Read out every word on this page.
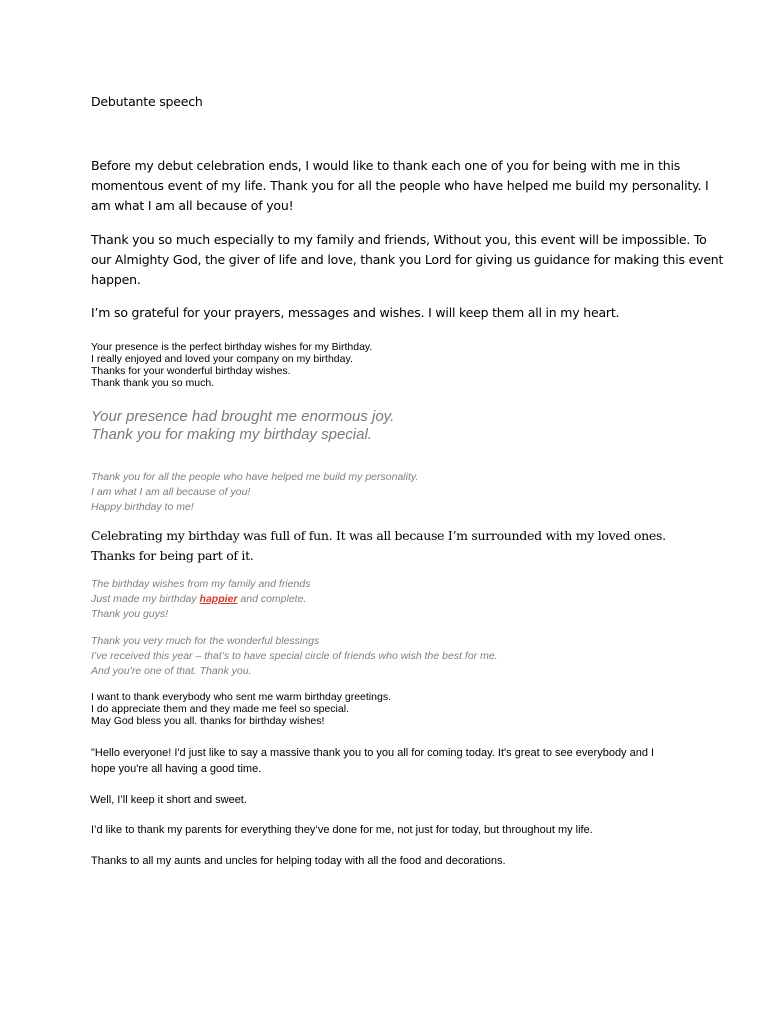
Debutante speech

Before my debut celebration ends, I would like to thank each one of you for being with me in this
momentous event of my life. Thank you for all the people who have helped me build my personality. I
am what I am all because of you!

Thank you so much especially to my family and friends, Without you, this event will be impossible. To
our Almighty God, the giver of life and love, thank you Lord for giving us guidance for making this event
happen.

I’m so grateful for your prayers, messages and wishes. I will keep them all in my heart.

Your presence is the perfect birthday wishes for my Birthday.
I really enjoyed and loved your company on my birthday.
Thanks for your wonderful birthday wishes.
Thank thank you so much.

Your presence had brought me enormous joy.
Thank you for making my birthday special.

Thank you for all the people who have helped me build my personality.
I am what I am all because of you!
Happy birthday to me!

Celebrating my birthday was full of fun. It was all because I’m surrounded with my loved ones.
Thanks for being part of it.

The birthday wishes from my family and friends
Just made my birthday happier and complete.
Thank you guys!

Thank you very much for the wonderful blessings
I’ve received this year – that’s to have special circle of friends who wish the best for me.
And you’re one of that. Thank you.

I want to thank everybody who sent me warm birthday greetings.
I do appreciate them and they made me feel so special.
May God bless you all. thanks for birthday wishes!

"Hello everyone! I'd just like to say a massive thank you to you all for coming today. It's great to see everybody and I
hope you're all having a good time.

Well, I’ll keep it short and sweet.

I’d like to thank my parents for everything they’ve done for me, not just for today, but throughout my life.

Thanks to all my aunts and uncles for helping today with all the food and decorations.
